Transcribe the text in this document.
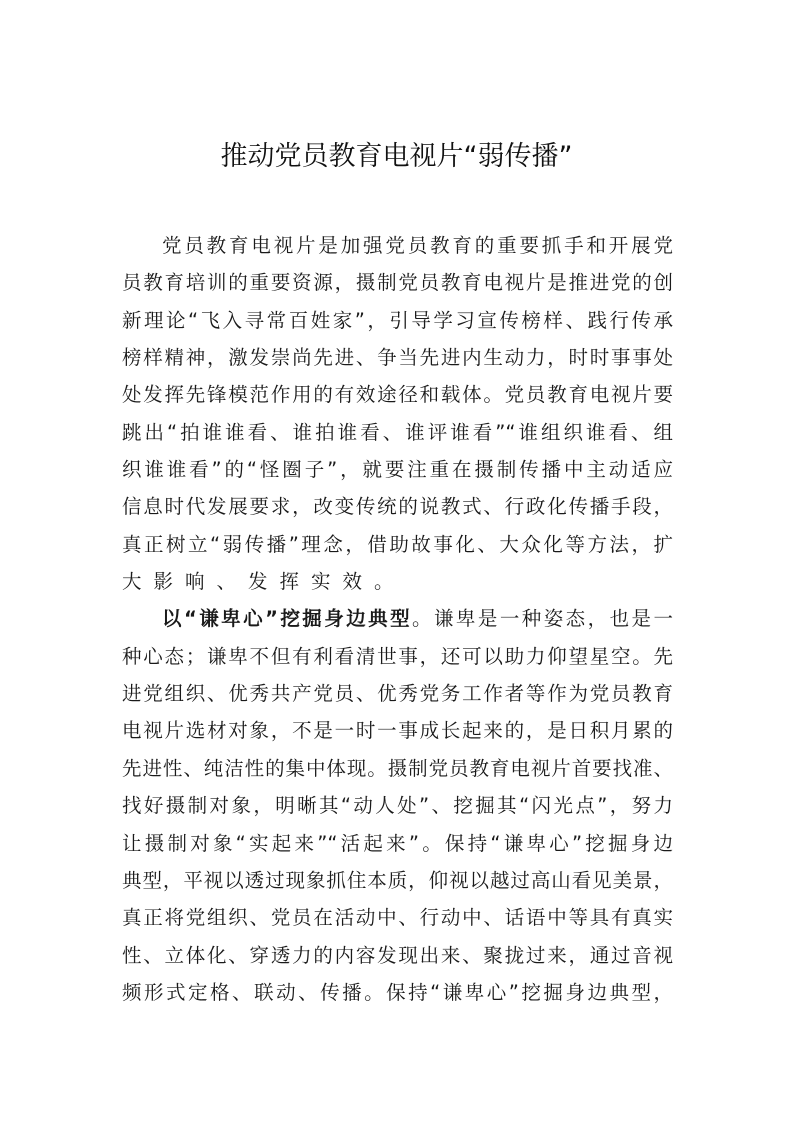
推动党员教育电视片“弱传播”
党员教育电视片是加强党员教育的重要抓手和开展党
员教育培训的重要资源，摄制党员教育电视片是推进党的创
新理论“飞入寻常百姓家”，引导学习宣传榜样、践行传承
榜样精神，激发崇尚先进、争当先进内生动力，时时事事处
处发挥先锋模范作用的有效途径和载体。党员教育电视片要
跳出“拍谁谁看、谁拍谁看、谁评谁看”“谁组织谁看、组
织谁谁看”的“怪圈子”，就要注重在摄制传播中主动适应
信息时代发展要求，改变传统的说教式、行政化传播手段，
真正树立“弱传播”理念，借助故事化、大众化等方法，扩
大影响、发挥实效。
以“谦卑心”挖掘身边典型。谦卑是一种姿态，也是一
种心态；谦卑不但有利看清世事，还可以助力仰望星空。先
进党组织、优秀共产党员、优秀党务工作者等作为党员教育
电视片选材对象，不是一时一事成长起来的，是日积月累的
先进性、纯洁性的集中体现。摄制党员教育电视片首要找准、
找好摄制对象，明晰其“动人处”、挖掘其“闪光点”，努力
让摄制对象“实起来”“活起来”。保持“谦卑心”挖掘身边
典型，平视以透过现象抓住本质，仰视以越过高山看见美景，
真正将党组织、党员在活动中、行动中、话语中等具有真实
性、立体化、穿透力的内容发现出来、聚拢过来，通过音视
频形式定格、联动、传播。保持“谦卑心”挖掘身边典型，
